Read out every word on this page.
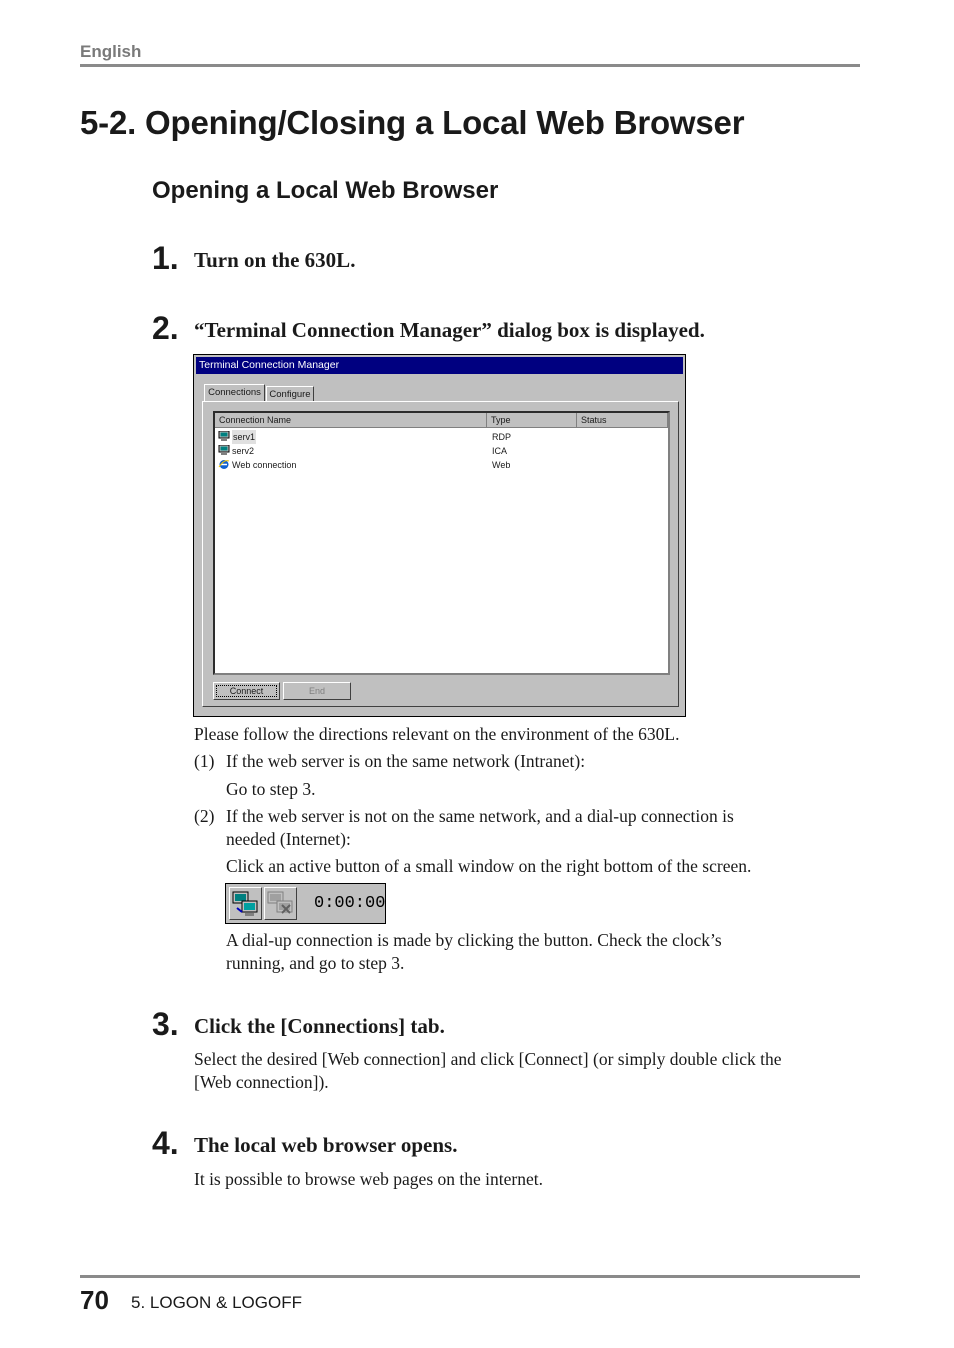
English
5-2. Opening/Closing a Local Web Browser
Opening a Local Web Browser
1. Turn on the 630L.
2. “Terminal Connection Manager” dialog box is displayed.
Terminal Connection Manager
Connections Configure
Connection Name	Type	Status
serv1	RDP
serv2	ICA
Web connection	Web
Connect	End
Please follow the directions relevant on the environment of the 630L.
(1) If the web server is on the same network (Intranet):
Go to step 3.
(2) If the web server is not on the same network, and a dial-up connection is
needed (Internet):
Click an active button of a small window on the right bottom of the screen.
0:00:00
A dial-up connection is made by clicking the button. Check the clock’s
running, and go to step 3.
3. Click the [Connections] tab.
Select the desired [Web connection] and click [Connect] (or simply double click the
[Web connection]).
4. The local web browser opens.
It is possible to browse web pages on the internet.
70 5. LOGON & LOGOFF
